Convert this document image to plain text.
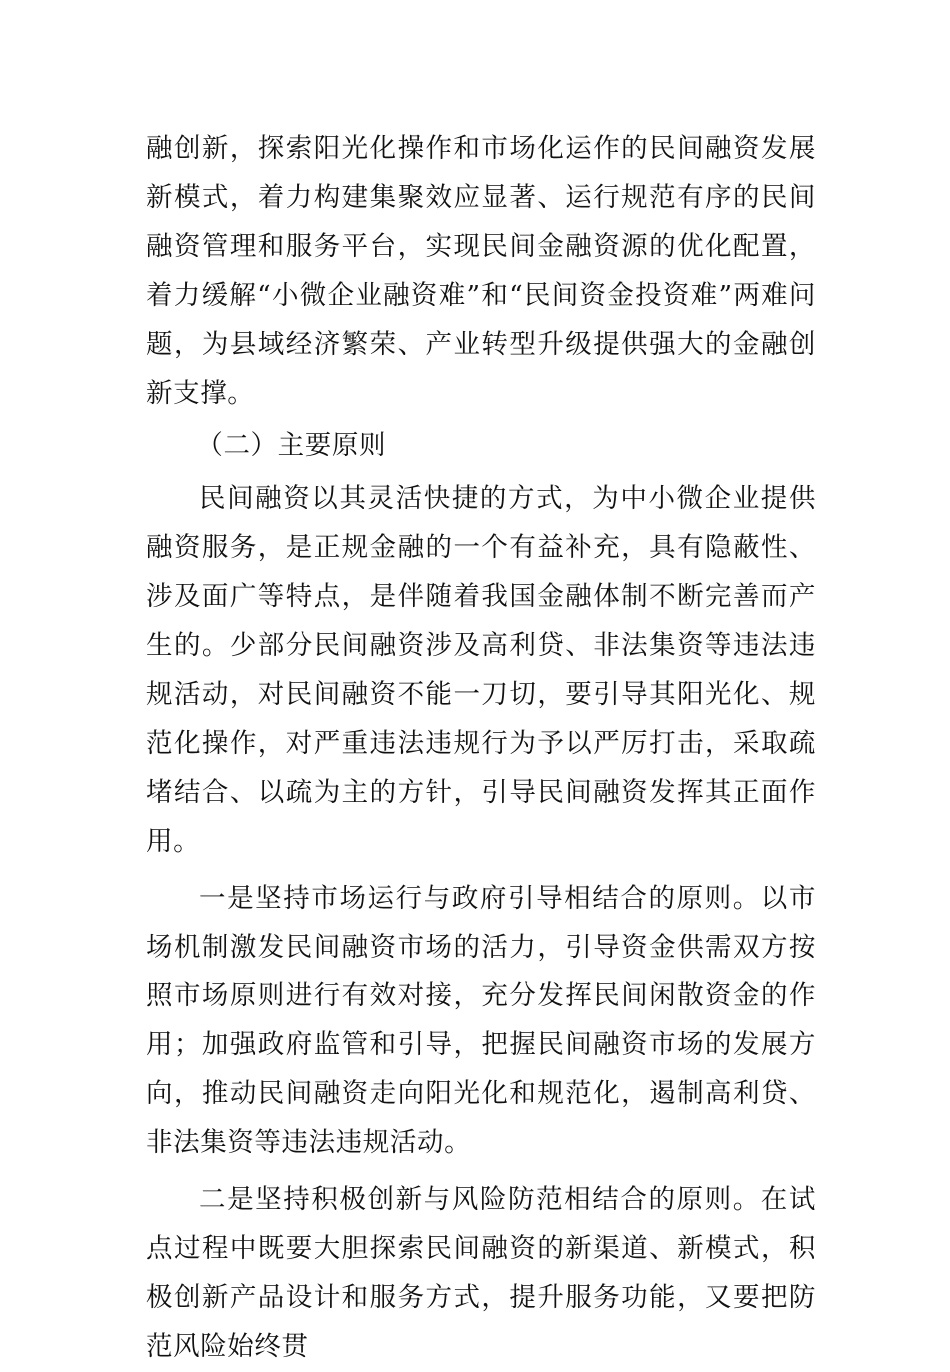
融创新，探索阳光化操作和市场化运作的民间融资发展新模式，着力构建集聚效应显著、运行规范有序的民间融资管理和服务平台，实现民间金融资源的优化配置，着力缓解“小微企业融资难”和“民间资金投资难”两难问题，为县域经济繁荣、产业转型升级提供强大的金融创新支撑。

（二）主要原则

民间融资以其灵活快捷的方式，为中小微企业提供融资服务，是正规金融的一个有益补充，具有隐蔽性、涉及面广等特点，是伴随着我国金融体制不断完善而产生的。少部分民间融资涉及高利贷、非法集资等违法违规活动，对民间融资不能一刀切，要引导其阳光化、规范化操作，对严重违法违规行为予以严厉打击，采取疏堵结合、以疏为主的方针，引导民间融资发挥其正面作用。

一是坚持市场运行与政府引导相结合的原则。以市场机制激发民间融资市场的活力，引导资金供需双方按照市场原则进行有效对接，充分发挥民间闲散资金的作用；加强政府监管和引导，把握民间融资市场的发展方向，推动民间融资走向阳光化和规范化，遏制高利贷、非法集资等违法违规活动。

二是坚持积极创新与风险防范相结合的原则。在试点过程中既要大胆探索民间融资的新渠道、新模式，积极创新产品设计和服务方式，提升服务功能，又要把防范风险始终贯
